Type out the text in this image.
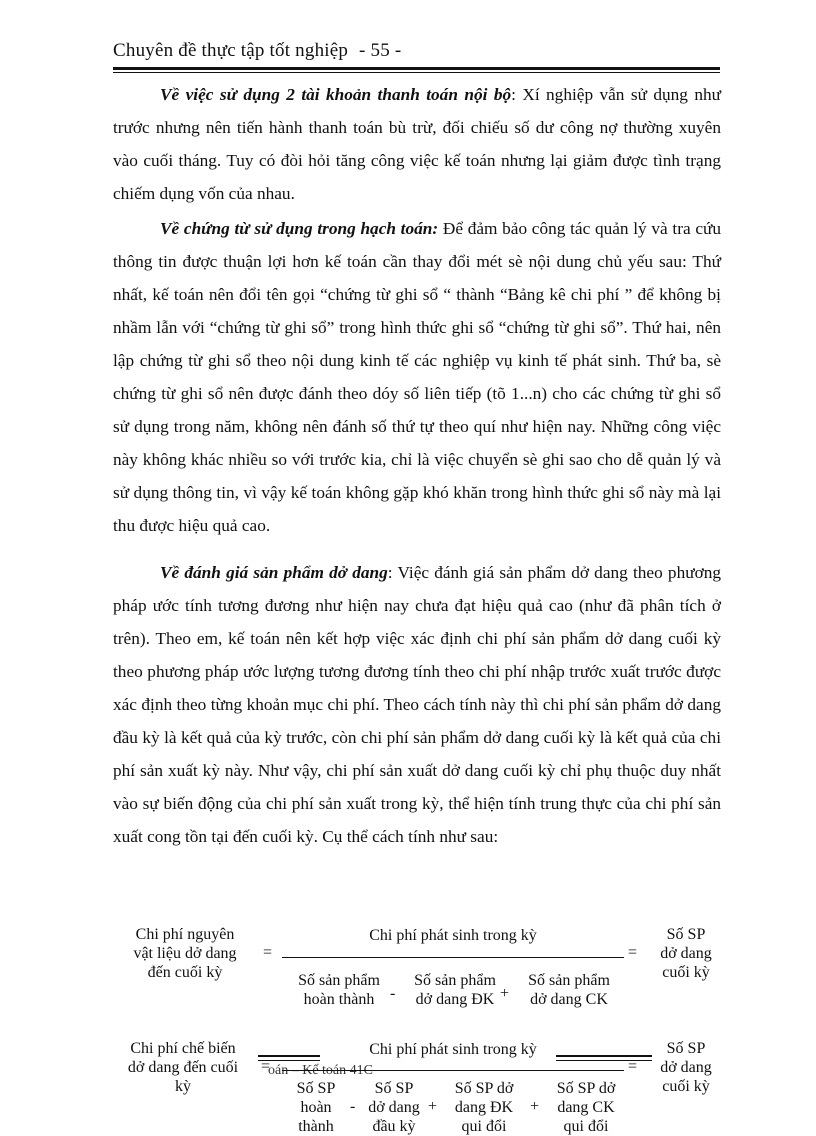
Chuyên đề thực tập tốt nghiệp - 55 -

Về việc sử dụng 2 tài khoản thanh toán nội bộ: Xí nghiệp vẫn sử dụng như trước nhưng nên tiến hành thanh toán bù trừ, đối chiếu số dư công nợ thường xuyên vào cuối tháng. Tuy có đòi hỏi tăng công việc kế toán nhưng lại giảm được tình trạng chiếm dụng vốn của nhau.

Về chứng từ sử dụng trong hạch toán: Để đảm bảo công tác quản lý và tra cứu thông tin được thuận lợi hơn kế toán cần thay đổi mét sè nội dung chủ yếu sau: Thứ nhất, kế toán nên đổi tên gọi “chứng từ ghi sổ “ thành “Bảng kê chi phí ” để không bị nhầm lẫn với “chứng từ ghi sổ” trong hình thức ghi sổ “chứng từ ghi sổ”. Thứ hai, nên lập chứng từ ghi sổ theo nội dung kinh tế các nghiệp vụ kinh tế phát sinh. Thứ ba, sè chứng từ ghi sổ nên được đánh theo dóy số liên tiếp (tõ 1...n) cho các chứng từ ghi sổ sử dụng trong năm, không nên đánh số thứ tự theo quí như hiện nay. Những công việc này không khác nhiều so với trước kia, chỉ là việc chuyển sè ghi sao cho dễ quản lý và sử dụng thông tin, vì vậy kế toán không gặp khó khăn trong hình thức ghi sổ này mà lại thu được hiệu quả cao.

Về đánh giá sản phẩm dở dang: Việc đánh giá sản phẩm dở dang theo phương pháp ước tính tương đương như hiện nay chưa đạt hiệu quả cao (như đã phân tích ở trên). Theo em, kế toán nên kết hợp việc xác định chi phí sản phẩm dở dang cuối kỳ theo phương pháp ước lượng tương đương tính theo chi phí nhập trước xuất trước được xác định theo từng khoản mục chi phí. Theo cách tính này thì chi phí sản phẩm dở dang đầu kỳ là kết quả của kỳ trước, còn chi phí sản phẩm dở dang cuối kỳ là kết quả của chi phí sản xuất kỳ này. Như vậy, chi phí sản xuất dở dang cuối kỳ chỉ phụ thuộc duy nhất vào sự biến động của chi phí sản xuất trong kỳ, thể hiện tính trung thực của chi phí sản xuất cong tồn tại đến cuối kỳ. Cụ thể cách tính như sau:

Chi phí nguyên
vật liệu dở dang
đến cuối kỳ
=
Chi phí phát sinh trong kỳ
Số sản phẩm
hoàn thành -
Số sản phẩm
dở dang ĐK +
Số sản phẩm
dở dang CK
=
Số SP
dở dang
cuối kỳ
Chi phí chế biến
dở dang đến cuối
kỳ
=
oán – Kế toán 41C
Chi phí phát sinh trong kỳ
Số SP
hoàn
thành
-
Số SP
dở dang
đầu kỳ
+
Số SP dở
dang ĐK
qui đổi
+
Số SP dở
dang CK
qui đổi
=
Số SP
dở dang
cuối kỳ
